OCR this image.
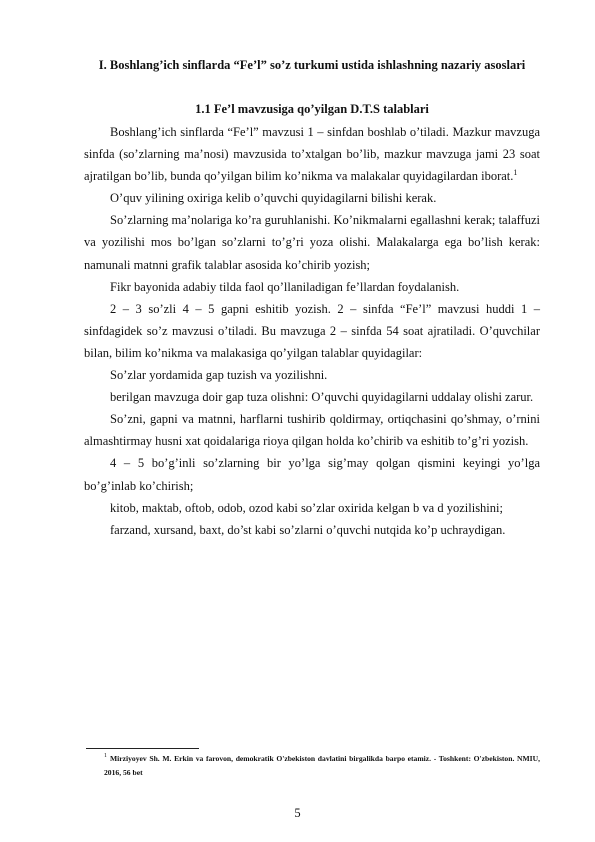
I. Boshlang’ich sinflarda “Fe’l” so’z turkumi ustida ishlashning nazariy asoslari
1.1 Fe’l mavzusiga qo’yilgan D.T.S talablari

Boshlang’ich sinflarda “Fe’l” mavzusi 1 – sinfdan boshlab o’tiladi. Mazkur mavzuga sinfda (so’zlarning ma’nosi) mavzusida to’xtalgan bo’lib, mazkur mavzuga jami 23 soat ajratilgan bo’lib, bunda qo’yilgan bilim ko’nikma va malakalar quyidagilardan iborat.$^1$

O’quv yilining oxiriga kelib o’quvchi quyidagilarni bilishi kerak.

So’zlarning ma’nolariga ko’ra guruhlanishi. Ko’nikmalarni egallashni kerak; talaffuzi va yozilishi mos bo’lgan so’zlarni to’g’ri yoza olishi. Malakalarga ega bo’lish kerak: namunali matnni grafik talablar asosida ko’chirib yozish;

Fikr bayonida adabiy tilda faol qo’llaniladigan fe’llardan foydalanish.

2 – 3 so’zli 4 – 5 gapni eshitib yozish. 2 – sinfda “Fe’l” mavzusi huddi 1 – sinfdagidek so’z mavzusi o’tiladi. Bu mavzuga 2 – sinfda 54 soat ajratiladi. O’quvchilar bilan, bilim ko’nikma va malakasiga qo’yilgan talablar quyidagilar:

So’zlar yordamida gap tuzish va yozilishni.

berilgan mavzuga doir gap tuza olishni: O’quvchi quyidagilarni uddalay olishi zarur.

So’zni, gapni va matnni, harflarni tushirib qoldirmay, ortiqchasini qo’shmay, o’rnini almashtirmay husni xat qoidalariga rioya qilgan holda ko’chirib va eshitib to’g’ri yozish.

4 – 5 bo’g’inli so’zlarning bir yo’lga sig’may qolgan qismini keyingi yo’lga bo’g’inlab ko’chirish;

kitob, maktab, oftob, odob, ozod kabi so’zlar oxirida kelgan b va d yozilishini;

farzand, xursand, baxt, do’st kabi so’zlarni o’quvchi nutqida ko’p uchraydigan.

$^1$ Mirziyoyev Sh. M. Erkin va farovon, demokratik O'zbekiston davlatini birgalikda barpo etamiz. - Toshkent: O'zbekiston. NMIU, 2016, 56 bet
5
